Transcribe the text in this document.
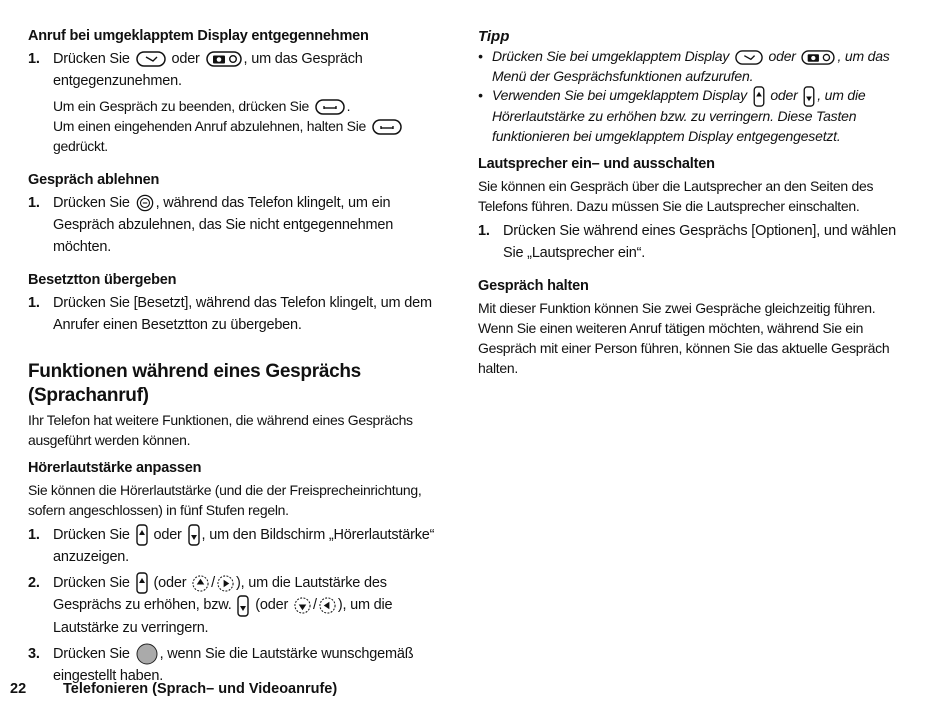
Anruf bei umgeklapptem Display entgegennehmen
1. Drücken Sie	oder	, um das Gespräch entgegenzunehmen.
Um ein Gespräch zu beenden, drücken Sie	.
Um einen eingehenden Anruf abzulehnen, halten Sie
gedrückt.
Gespräch ablehnen
1. Drücken Sie , während das Telefon klingelt, um ein Gespräch abzulehnen, das Sie nicht entgegennehmen möchten.
Besetztton übergeben
1. Drücken Sie [Besetzt], während das Telefon klingelt, um dem Anrufer einen Besetztton zu übergeben.
Funktionen während eines Gesprächs (Sprachanruf)
Ihr Telefon hat weitere Funktionen, die während eines Gesprächs ausgeführt werden können.
Hörerlautstärke anpassen
Sie können die Hörerlautstärke (und die der Freisprecheinrichtung, sofern angeschlossen) in fünf Stufen regeln.
1. Drücken Sie oder , um den Bildschirm „Hörerlautstärke“ anzuzeigen.
2. Drücken Sie (oder / ), um die Lautstärke des Gesprächs zu erhöhen, bzw. (oder / ), um die Lautstärke zu verringern.
3. Drücken Sie , wenn Sie die Lautstärke wunschgemäß eingestellt haben.
Tipp
• Drücken Sie bei umgeklapptem Display	oder	, um das Menü der Gesprächsfunktionen aufzurufen.
• Verwenden Sie bei umgeklapptem Display oder , um die Hörerlautstärke zu erhöhen bzw. zu verringern. Diese Tasten funktionieren bei umgeklapptem Display entgegengesetzt.
Lautsprecher ein– und ausschalten
Sie können ein Gespräch über die Lautsprecher an den Seiten des Telefons führen. Dazu müssen Sie die Lautsprecher einschalten.
1. Drücken Sie während eines Gesprächs [Optionen], und wählen Sie „Lautsprecher ein“.
Gespräch halten
Mit dieser Funktion können Sie zwei Gespräche gleichzeitig führen. Wenn Sie einen weiteren Anruf tätigen möchten, während Sie ein Gespräch mit einer Person führen, können Sie das aktuelle Gespräch halten.
22	Telefonieren (Sprach– und Videoanrufe)
